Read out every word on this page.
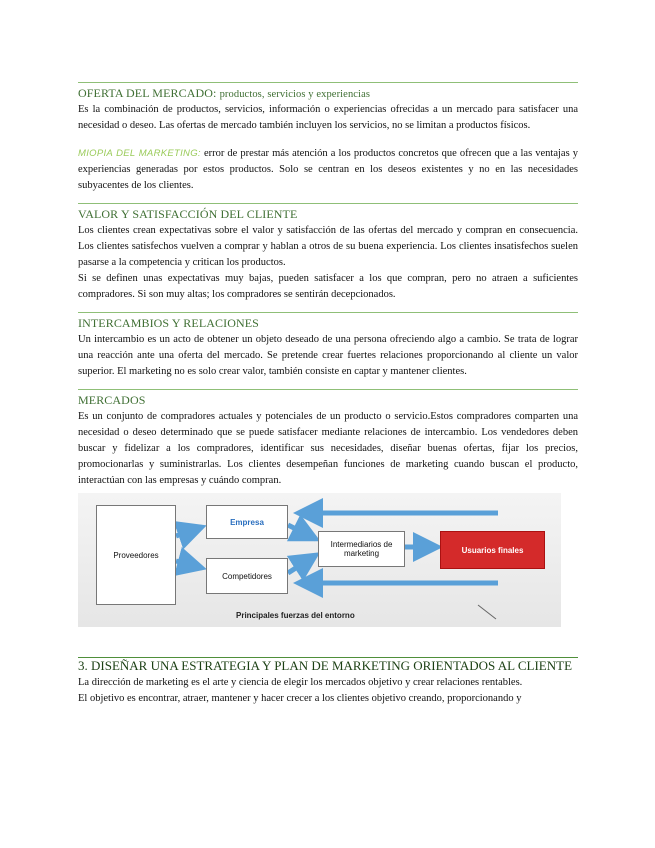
OFERTA DEL MERCADO: productos, servicios y experiencias

Es la combinación de productos, servicios, información o experiencias ofrecidas a un mercado para satisfacer una necesidad o deseo. Las ofertas de mercado también incluyen los servicios, no se limitan a productos físicos.

MIOPIA DEL MARKETING: error de prestar más atención a los productos concretos que ofrecen que a las ventajas y experiencias generadas por estos productos. Solo se centran en los deseos existentes y no en las necesidades subyacentes de los clientes.

VALOR Y SATISFACCIÓN DEL CLIENTE

Los clientes crean expectativas sobre el valor y satisfacción de las ofertas del mercado y compran en consecuencia. Los clientes satisfechos vuelven a comprar y hablan a otros de su buena experiencia. Los clientes insatisfechos suelen pasarse a la competencia y critican los productos.

Si se definen unas expectativas muy bajas, pueden satisfacer a los que compran, pero no atraen a suficientes compradores. Si son muy altas; los compradores se sentirán decepcionados.

INTERCAMBIOS Y RELACIONES

Un intercambio es un acto de obtener un objeto deseado de una persona ofreciendo algo a cambio. Se trata de lograr una reacción ante una oferta del mercado. Se pretende crear fuertes relaciones proporcionando al cliente un valor superior. El marketing no es solo crear valor, también consiste en captar y mantener clientes.

MERCADOS

Es un conjunto de compradores actuales y potenciales de un producto o servicio.Estos compradores comparten una necesidad o deseo determinado que se puede satisfacer mediante relaciones de intercambio. Los vendedores deben buscar y fidelizar a los compradores, identificar sus necesidades, diseñar buenas ofertas, fijar los precios, promocionarlas y suministrarlas. Los clientes desempeñan funciones de marketing cuando buscan el producto, interactúan con las empresas y cuándo compran.

Proveedores
Empresa
Competidores
Intermediarios de marketing	Usuarios finales
Principales fuerzas del entorno
3. DISEÑAR UNA ESTRATEGIA Y PLAN DE MARKETING ORIENTADOS AL CLIENTE

La dirección de marketing es el arte y ciencia de elegir los mercados objetivo y crear relaciones rentables.

El objetivo es encontrar, atraer, mantener y hacer crecer a los clientes objetivo creando, proporcionando y
